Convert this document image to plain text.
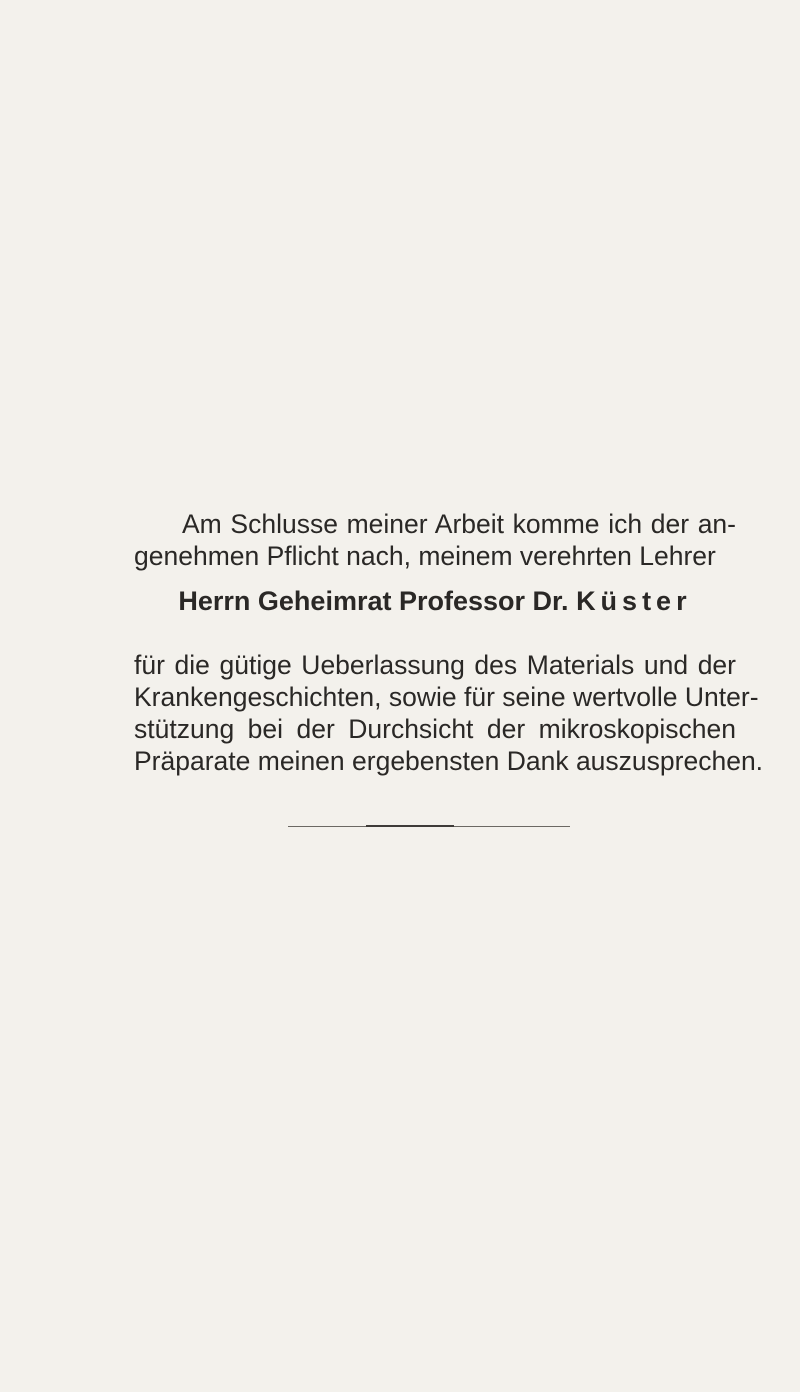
Am Schlusse meiner Arbeit komme ich der an-
genehmen Pflicht nach, meinem verehrten Lehrer

Herrn Geheimrat Professor Dr. Küster

für die gütige Ueberlassung des Materials und der
Krankengeschichten, sowie für seine wertvolle Unter-
stützung bei der Durchsicht der mikroskopischen
Präparate meinen ergebensten Dank auszusprechen.
